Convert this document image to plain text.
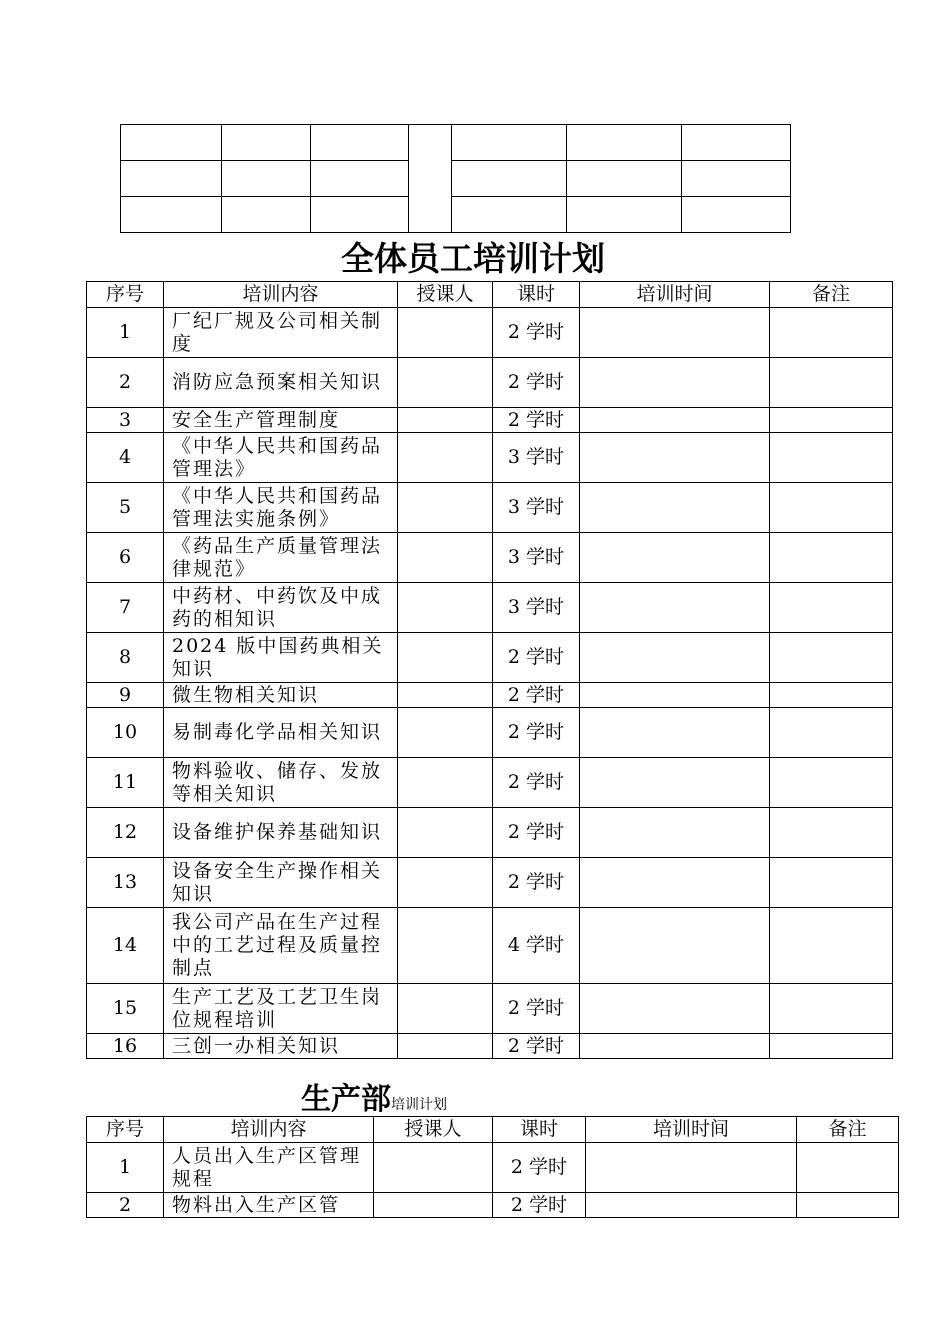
全体员工培训计划
序号	培训内容	授课人	课时	培训时间	备注
1	厂纪厂规及公司相关制度		2 学时		
2	消防应急预案相关知识		2 学时		
3	安全生产管理制度		2 学时		
4	《中华人民共和国药品管理法》		3 学时		
5	《中华人民共和国药品管理法实施条例》		3 学时		
6	《药品生产质量管理法律规范》		3 学时		
7	中药材、中药饮及中成药的相知识		3 学时		
8	2024 版中国药典相关知识		2 学时		
9	微生物相关知识		2 学时		
10	易制毒化学品相关知识		2 学时		
11	物料验收、储存、发放等相关知识		2 学时		
12	设备维护保养基础知识		2 学时		
13	设备安全生产操作相关知识		2 学时		
14	我公司产品在生产过程中的工艺过程及质量控制点		4 学时		
15	生产工艺及工艺卫生岗位规程培训		2 学时		
16	三创一办相关知识		2 学时		
生产部培训计划
序号	培训内容	授课人	课时	培训时间	备注
1	人员出入生产区管理规程		2 学时		
2	物料出入生产区管		2 学时		
